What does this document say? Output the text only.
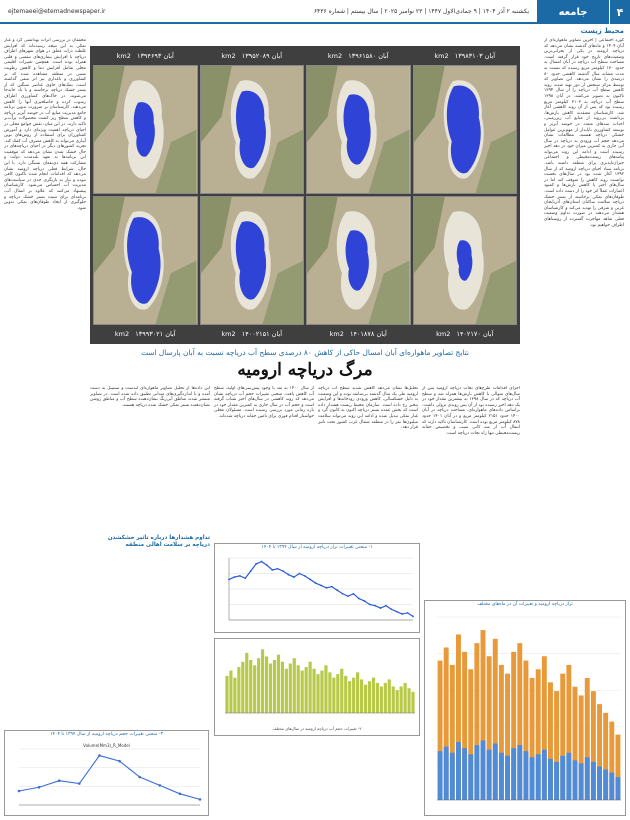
۴
جامعه
یکشنبه ۲ آذر ۱۴۰۴ | ۹ جمادی‌الاول ۱۴۴۷ | ۲۳ نوامبر ۲۰۲۵ | سال بیستم | شماره ۶۴۳۶
ejtemaeei@etemadnewspaper.ir
محیط زیست
کوره اجتماعی | آخرین تصاویر ماهواره‌ای از آبان ۱۴۰۴ و ماه‌های گذشته نشان می‌دهد که دریاچه ارومیه در یکی از بحرانی‌ترین وضعیت‌های تاریخ خود قرار گرفته است. مساحت سطح آب دریاچه در آبان امسال به حدود ۱۷۰ کیلومتر مربع رسیده که نسبت به مدت مشابه سال گذشته کاهشی حدود ۸۰ درصدی را نشان می‌دهد. این تصاویر که توسط مرکز سنجش از دور تهیه شده، روند کاهش سطح آب دریاچه را از سال ۱۳۹۴ تاکنون به تصویر می‌کشد. در آبان ۱۳۹۸ سطح آب دریاچه به ۳۱۰۳ کیلومتر مربع رسیده بود که پس از آن روند کاهشی آغاز شد. کارشناسان معتقدند کاهش بارش‌ها، برداشت بی‌رویه از منابع آب زیرزمینی، احداث سدهای متعدد در حوضه آبریز و توسعه کشاورزی ناپایدار از مهم‌ترین عوامل خشکی دریاچه هستند. مطالعات نشان می‌دهد حجم آب ورودی به دریاچه در سال آبی جاری به کمترین میزان خود در دهه اخیر رسیده است و ادامه این روند می‌تواند پیامدهای زیست‌محیطی و اجتماعی جبران‌ناپذیری برای منطقه داشته باشد. برنامه ستاد احیای دریاچه ارومیه که از سال ۱۳۹۲ آغاز شده بود در سال‌های نخست توانست روند کاهش را متوقف کند اما در سال‌های اخیر با کاهش بارش‌ها و کمبود اعتبارات عملاً اثر خود را از دست داده است. طوفان‌های نمکی برخاسته از بستر خشک دریاچه سلامت ساکنان استان‌های آذربایجان غربی و شرقی را تهدید می‌کند و کارشناسان هشدار می‌دهند در صورت تداوم وضعیت فعلی شاهد مهاجرت گسترده از روستاهای اطراف خواهیم بود.
محققان در بررسی اثرات بهداشتی گرد و غبار نمکی به این نتیجه رسیده‌اند که افزایش غلظت ذرات معلق در هوای شهرهای اطراف دریاچه با افزایش بیماری‌های تنفسی و قلبی همراه بوده است. همچنین تغییرات اقلیمی محلی شامل افزایش دما و کاهش رطوبت نسبی در منطقه مشاهده شده که بر کشاورزی و باغداری نیز اثر منفی گذاشته است. نمک‌های حاوی عناصر سنگین که از بستر خشک دریاچه برخاسته و با باد جابه‌جا می‌شوند، در خاک‌های کشاورزی اطراف رسوب کرده و حاصلخیزی آنها را کاهش می‌دهند. کارشناسان بر ضرورت تدوین برنامه جامع مدیریت منابع آب در حوضه آبریز دریاچه و کاهش سطح زیر کشت محصولات پرآب‌بر تاکید دارند. در این میان، نقش جوامع محلی در احیای دریاچه اهمیت ویژه‌ای دارد و آموزش کشاورزان برای استفاده از روش‌های نوین آبیاری می‌تواند به کاهش مصرف آب کمک کند. تجربه کشورهای دیگر در احیای دریاچه‌های در حال خشک شدن نشان می‌دهد که موفقیت این برنامه‌ها به تعهد بلندمدت دولت و مشارکت همه ذی‌نفعان بستگی دارد. با این حال، شرایط فعلی دریاچه ارومیه نشان می‌دهد که اقدامات انجام شده تاکنون کافی نبوده و نیاز به بازنگری جدی در سیاست‌های مدیریت آب احساس می‌شود. کارشناسان پیشنهاد می‌کنند که علاوه بر انتقال آب، برنامه‌ای برای تثبیت بستر خشک دریاچه و جلوگیری از ایجاد طوفان‌های نمکی تدوین شود.
آبان ۱۳۹۸۳۱۰۳ km2
آبان ۱۳۹۶۱۵۸۰ km2
آبان ۱۳۹۵۲۰۸۹ km2
آبان ۱۳۹۴۶۹۳ km2
آبان ۱۴۰۲۱۷۰ km2
آبان ۱۴۰۱۸۷۸ km2
آبان ۱۴۰۰۲۱۵۱ km2
آبان ۱۳۹۹۳۰۲۱ km2
نتایج تصاویر ماهواره‌ای آبان امسال حاکی از کاهش ۸۰ درصدی سطح آب دریاچه نسبت به آبان پارسال است
مرگ دریاچه ارومیه
اجرای اقدامات طرح‌های نجات دریاچه ارومیه پس از سال‌های متوالی با کاهش بارش‌ها همراه شد و سطح آب دریاچه که در سال ۱۳۹۸ به بیشترین مقدار خود در یک دهه اخیر رسیده بود از آن پس روندی نزولی داشت. براساس داده‌های ماهواره‌ای، مساحت دریاچه در آبان ۱۴۰۰ حدود ۲۱۵۱ کیلومتر مربع و در آبان ۱۴۰۱ حدود ۸۷۸ کیلومتر مربع بوده است. کارشناسان تاکید دارند که انتقال آب از سد کانی سیب و تخصیص حقابه زیست‌محیطی تنها راه نجات دریاچه است.
تحلیل‌ها نشان می‌دهد کاهش شدید سطح آب دریاچه ارومیه طی یک سال گذشته بی‌سابقه بوده و این وضعیت به دلیل خشکسالی، کاهش ورودی رودخانه‌ها و افزایش تبخیر رخ داده است. سازمان محیط زیست هشدار داده است که بخش عمده بستر دریاچه اکنون به کانون گرد و غبار نمکی تبدیل شده و ادامه این روند می‌تواند سلامت میلیون‌ها نفر را در منطقه شمال غرب کشور تحت تاثیر قرار دهد.
از سال ۱۴۰۰ به بعد با وجود پیش‌بینی‌های اولیه، سطح آب کاهش یافت. منحنی تغییرات حجم آب دریاچه نشان می‌دهد که روند کاهشی در سال‌های اخیر شتاب گرفته است و حجم آب در سال جاری به کمترین مقدار خود در بازه زمانی مورد بررسی رسیده است. مسئولان محلی خواستار اقدام فوری برای تامین حقابه دریاچه شده‌اند.
این داده‌ها از تحلیل تصاویر ماهواره‌ای لندست و سنتینل به دست آمده و با اندازه‌گیری‌های میدانی تطبیق داده شده است. در تصاویر منتشر شده، مناطق آبی‌رنگ نشان‌دهنده سطح آب و مناطق روشن نشان‌دهنده بستر نمکی خشک شده دریاچه هستند.
تداوم هشدارها درباره تاثیر خشکشدن دریاچه بر سلامت اهالی منطقه	۱- منحنی تغییرات تراز دریاچه ارومیه از سال ۱۳۹۴ تا ۱۴۰۴
۲- تغییرات حجم آب دریاچه ارومیه در سال‌های مختلف
۳- منحنی تغییرات حجم دریاچه ارومیه از سال ۱۳۹۴ تا ۱۴۰۴
Volume(Mm3)_R_Model
تراز دریاچه ارومیه و تغییرات آن در ماه‌های مختلف
